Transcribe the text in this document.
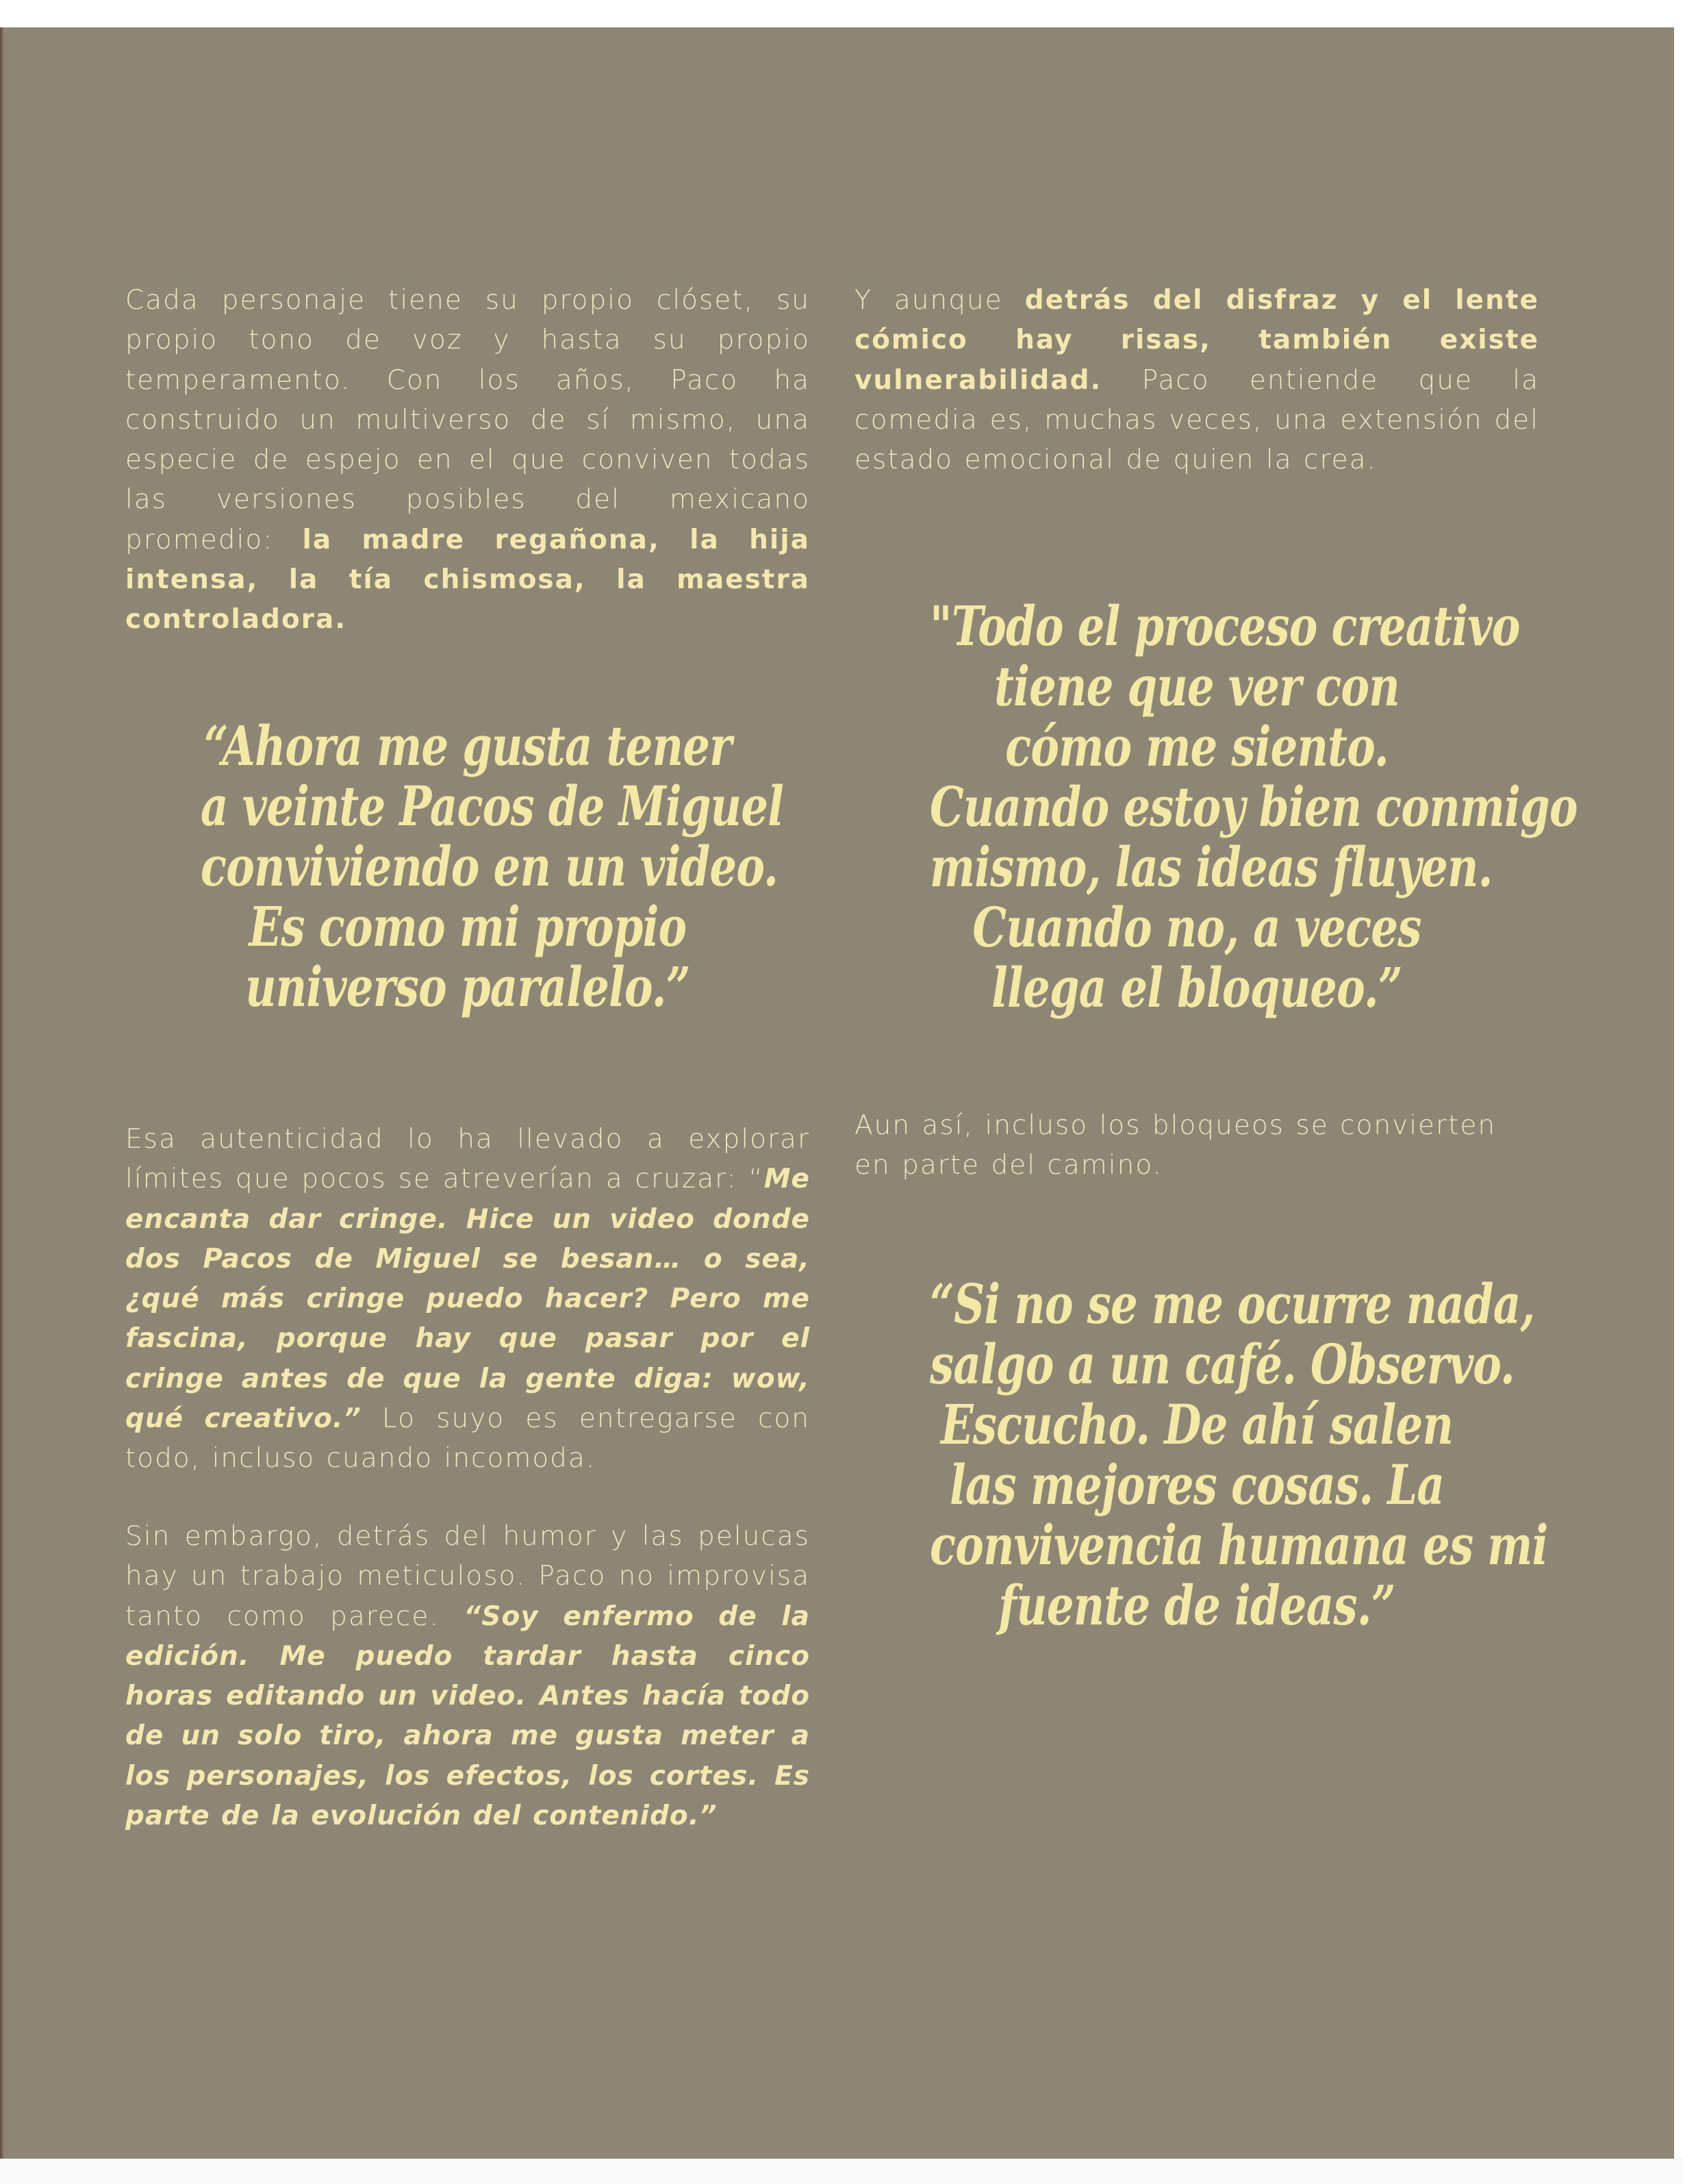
Cada personaje tiene su propio clóset, su propio tono de voz y hasta su propio temperamento. Con los años, Paco ha construido un multiverso de sí mismo, una especie de espejo en el que conviven todas las versiones posibles del mexicano promedio: la madre regañona, la hija intensa, la tía chismosa, la maestra controladora.

“Ahora me gusta tener
a veinte Pacos de Miguel
conviviendo en un video.
Es como mi propio
universo paralelo.”

Esa autenticidad lo ha llevado a explorar límites que pocos se atreverían a cruzar: “Me encanta dar cringe. Hice un video donde dos Pacos de Miguel se besan… o sea, ¿qué más cringe puedo hacer? Pero me fascina, porque hay que pasar por el cringe antes de que la gente diga: wow, qué creativo.” Lo suyo es entregarse con todo, incluso cuando incomoda.

Sin embargo, detrás del humor y las pelucas hay un trabajo meticuloso. Paco no improvisa tanto como parece. “Soy enfermo de la edición. Me puedo tardar hasta cinco horas editando un video. Antes hacía todo de un solo tiro, ahora me gusta meter a los personajes, los efectos, los cortes. Es parte de la evolución del contenido.”

Y aunque detrás del disfraz y el lente cómico hay risas, también existe vulnerabilidad. Paco entiende que la comedia es, muchas veces, una extensión del estado emocional de quien la crea.

"Todo el proceso creativo
tiene que ver con
cómo me siento.
Cuando estoy bien conmigo
mismo, las ideas fluyen.
Cuando no, a veces
llega el bloqueo.”

Aun así, incluso los bloqueos se convierten en parte del camino.

“Si no se me ocurre nada,
salgo a un café. Observo.
Escucho. De ahí salen
las mejores cosas. La
convivencia humana es mi
fuente de ideas.”
